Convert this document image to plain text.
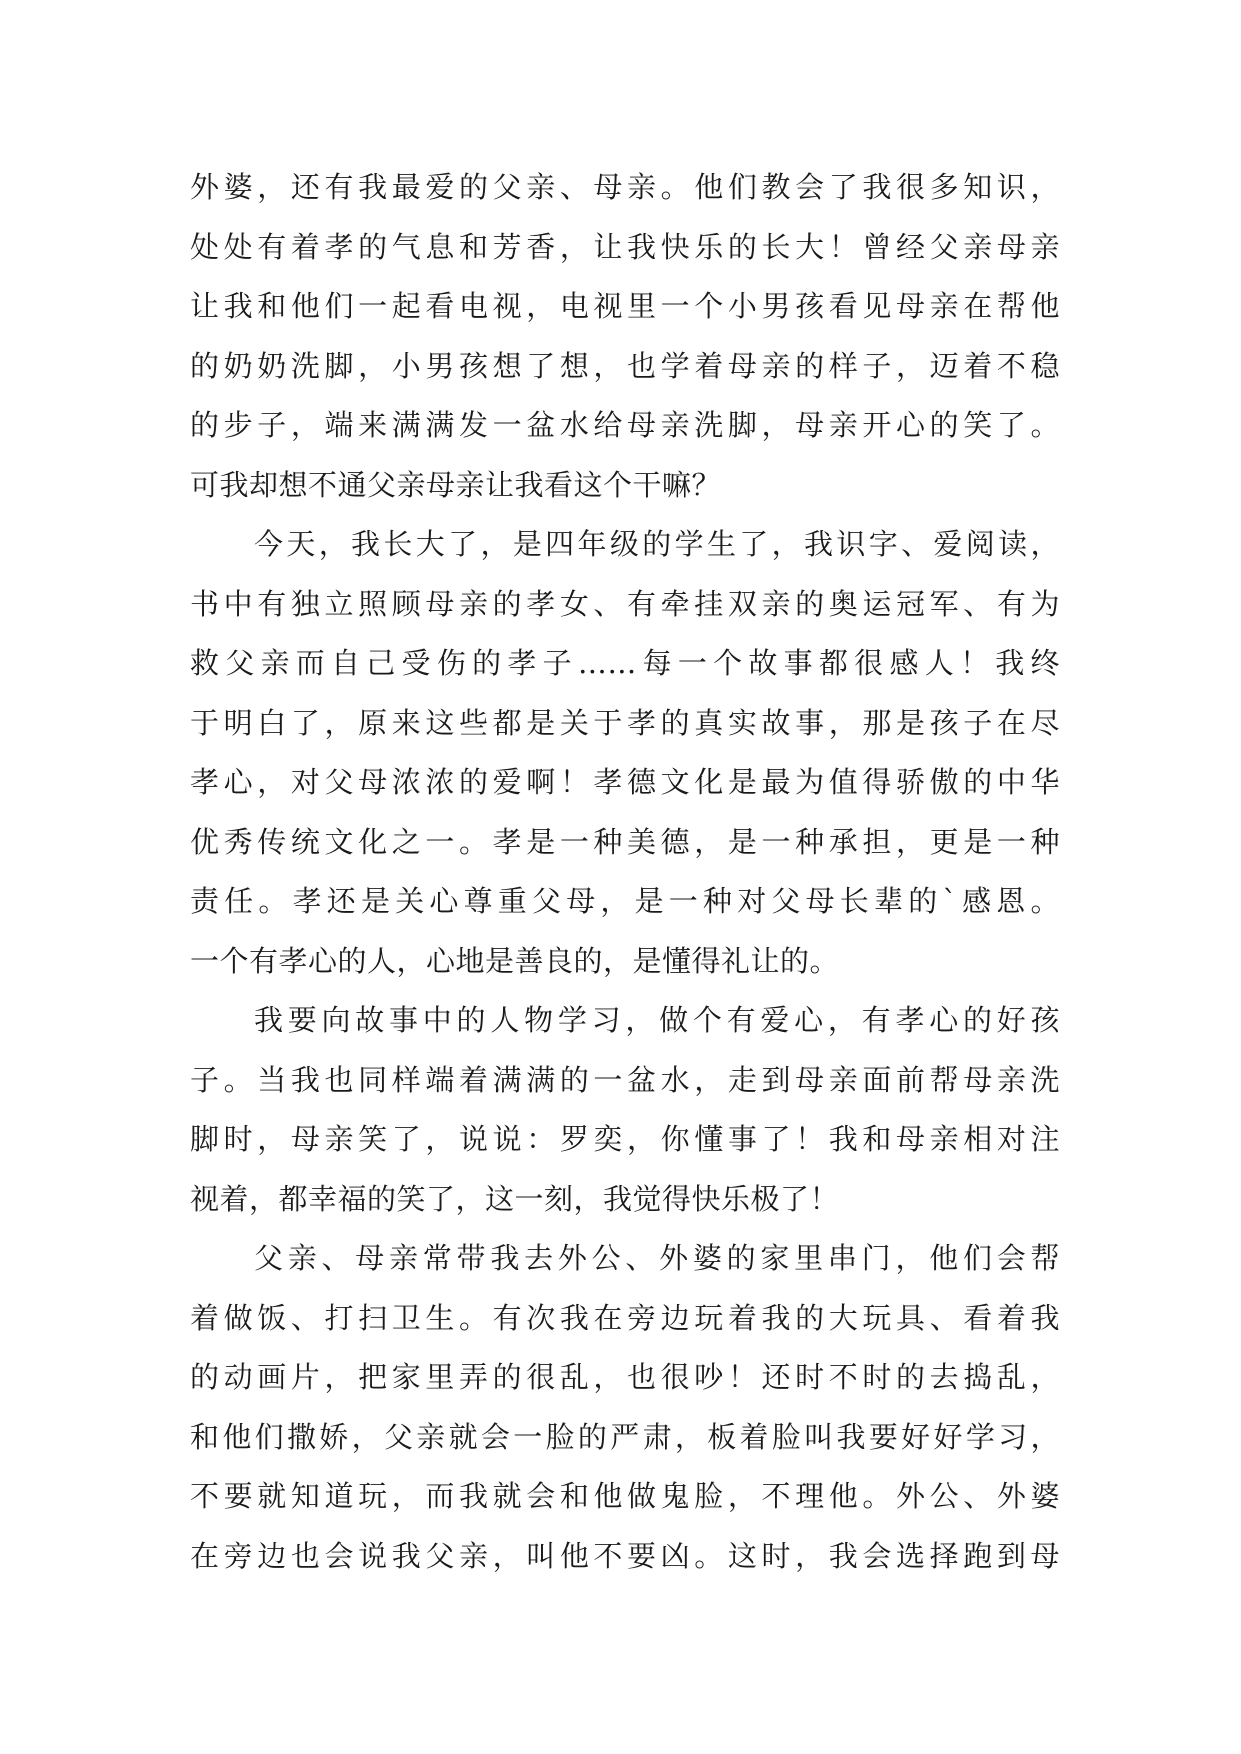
外婆，还有我最爱的父亲、母亲。他们教会了我很多知识，
处处有着孝的气息和芳香，让我快乐的长大！曾经父亲母亲
让我和他们一起看电视，电视里一个小男孩看见母亲在帮他
的奶奶洗脚，小男孩想了想，也学着母亲的样子，迈着不稳
的步子，端来满满发一盆水给母亲洗脚，母亲开心的笑了。
可我却想不通父亲母亲让我看这个干嘛？
今天，我长大了，是四年级的学生了，我识字、爱阅读，
书中有独立照顾母亲的孝女、有牵挂双亲的奥运冠军、有为
救父亲而自己受伤的孝子……每一个故事都很感人！我终
于明白了，原来这些都是关于孝的真实故事，那是孩子在尽
孝心，对父母浓浓的爱啊！孝德文化是最为值得骄傲的中华
优秀传统文化之一。孝是一种美德，是一种承担，更是一种
责任。孝还是关心尊重父母，是一种对父母长辈的`感恩。
一个有孝心的人，心地是善良的，是懂得礼让的。
我要向故事中的人物学习，做个有爱心，有孝心的好孩
子。当我也同样端着满满的一盆水，走到母亲面前帮母亲洗
脚时，母亲笑了，说说：罗奕，你懂事了！我和母亲相对注
视着，都幸福的笑了，这一刻，我觉得快乐极了！
父亲、母亲常带我去外公、外婆的家里串门，他们会帮
着做饭、打扫卫生。有次我在旁边玩着我的大玩具、看着我
的动画片，把家里弄的很乱，也很吵！还时不时的去捣乱，
和他们撒娇，父亲就会一脸的严肃，板着脸叫我要好好学习，
不要就知道玩，而我就会和他做鬼脸，不理他。外公、外婆
在旁边也会说我父亲，叫他不要凶。这时，我会选择跑到母
